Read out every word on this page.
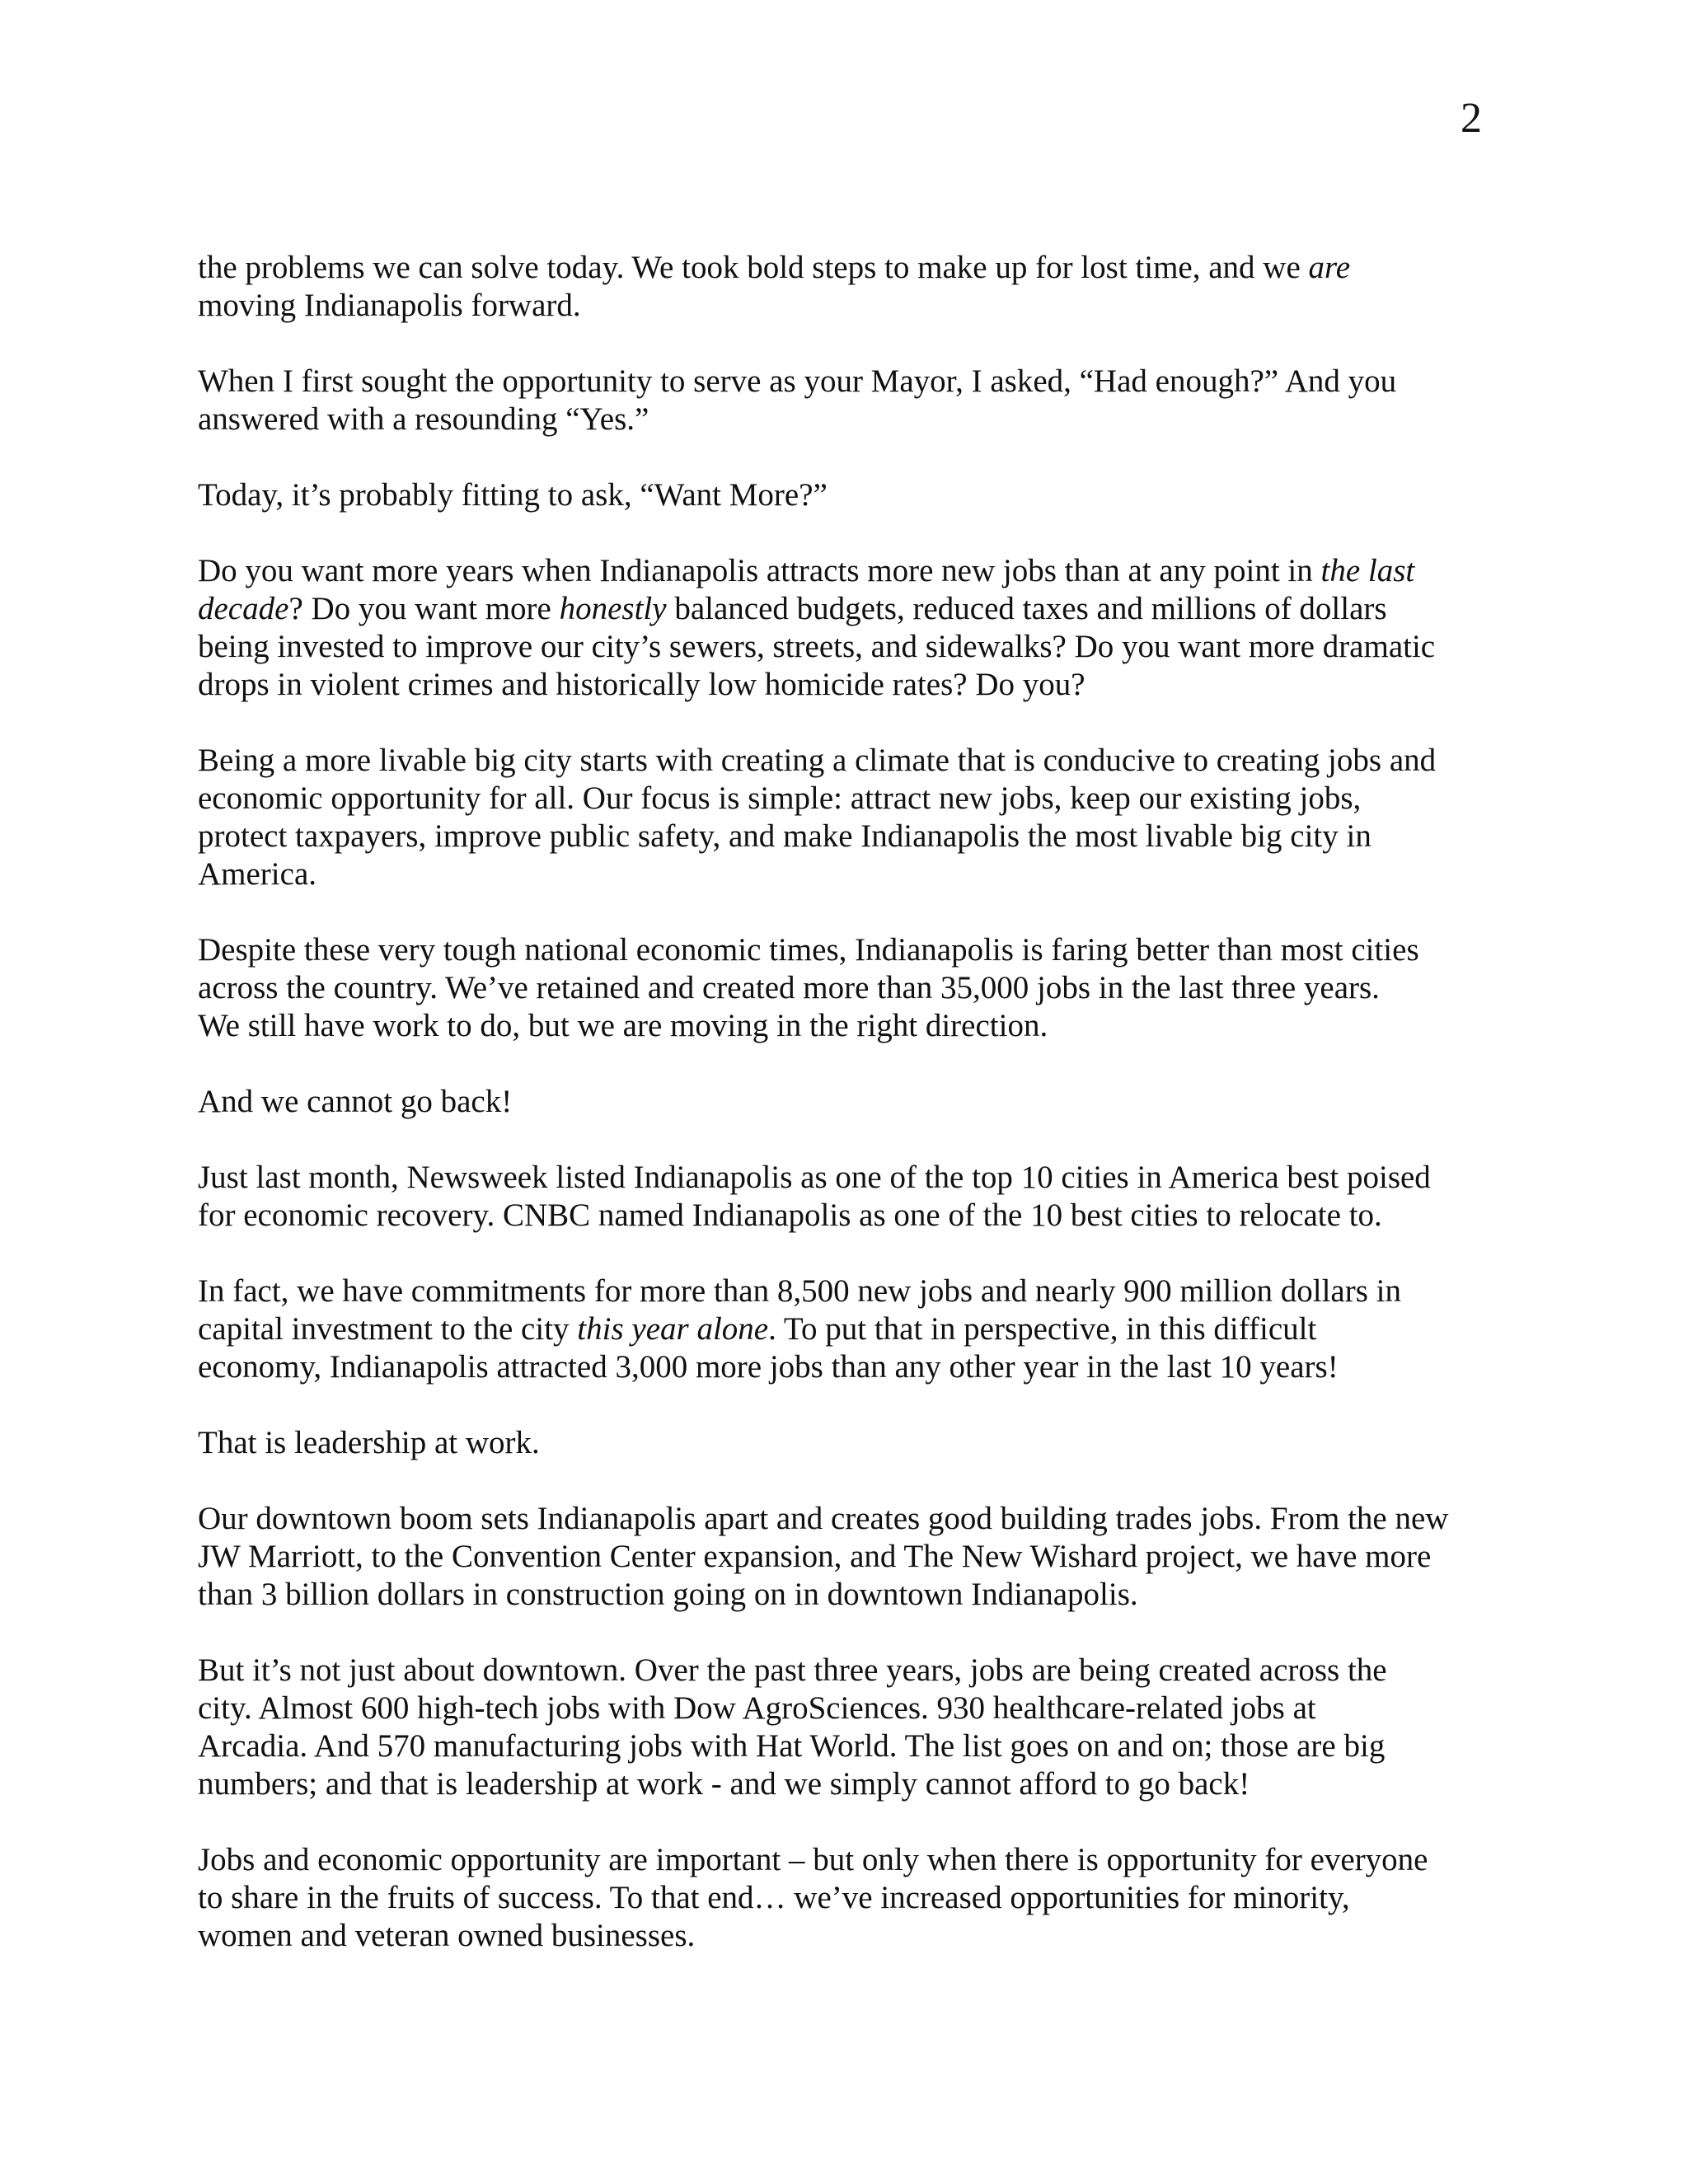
2

the problems we can solve today. We took bold steps to make up for lost time, and we are
moving Indianapolis forward.

When I first sought the opportunity to serve as your Mayor, I asked, “Had enough?” And you
answered with a resounding “Yes.”

Today, it’s probably fitting to ask, “Want More?”

Do you want more years when Indianapolis attracts more new jobs than at any point in the last
decade? Do you want more honestly balanced budgets, reduced taxes and millions of dollars
being invested to improve our city’s sewers, streets, and sidewalks? Do you want more dramatic
drops in violent crimes and historically low homicide rates? Do you?

Being a more livable big city starts with creating a climate that is conducive to creating jobs and
economic opportunity for all. Our focus is simple: attract new jobs, keep our existing jobs,
protect taxpayers, improve public safety, and make Indianapolis the most livable big city in
America.

Despite these very tough national economic times, Indianapolis is faring better than most cities
across the country. We’ve retained and created more than 35,000 jobs in the last three years.
We still have work to do, but we are moving in the right direction.

And we cannot go back!

Just last month, Newsweek listed Indianapolis as one of the top 10 cities in America best poised
for economic recovery. CNBC named Indianapolis as one of the 10 best cities to relocate to.

In fact, we have commitments for more than 8,500 new jobs and nearly 900 million dollars in
capital investment to the city this year alone. To put that in perspective, in this difficult
economy, Indianapolis attracted 3,000 more jobs than any other year in the last 10 years!

That is leadership at work.

Our downtown boom sets Indianapolis apart and creates good building trades jobs. From the new
JW Marriott, to the Convention Center expansion, and The New Wishard project, we have more
than 3 billion dollars in construction going on in downtown Indianapolis.

But it’s not just about downtown. Over the past three years, jobs are being created across the
city. Almost 600 high-tech jobs with Dow AgroSciences. 930 healthcare-related jobs at
Arcadia. And 570 manufacturing jobs with Hat World. The list goes on and on; those are big
numbers; and that is leadership at work - and we simply cannot afford to go back!

Jobs and economic opportunity are important – but only when there is opportunity for everyone
to share in the fruits of success. To that end… we’ve increased opportunities for minority,
women and veteran owned businesses.
